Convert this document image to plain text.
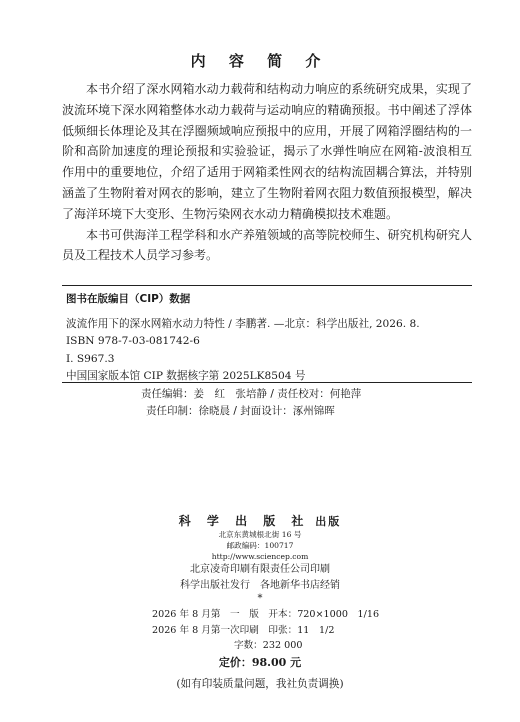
内 容 简 介

本书介绍了深水网箱水动力载荷和结构动力响应的系统研究成果，实现了波流环境下深水网箱整体水动力载荷与运动响应的精确预报。书中阐述了浮体低频细长体理论及其在浮圈频域响应预报中的应用，开展了网箱浮圈结构的一阶和高阶加速度的理论预报和实验验证，揭示了水弹性响应在网箱-波浪相互作用中的重要地位，介绍了适用于网箱柔性网衣的结构流固耦合算法，并特别涵盖了生物附着对网衣的影响，建立了生物附着网衣阻力数值预报模型，解决了海洋环境下大变形、生物污染网衣水动力精确模拟技术难题。

本书可供海洋工程学科和水产养殖领域的高等院校师生、研究机构研究人员及工程技术人员学习参考。

图书在版编目（CIP）数据
波流作用下的深水网箱水动力特性 / 李鹏著. —北京：科学出版社, 2026. 8.
ISBN 978-7-03-081742-6
Ⅰ. S967.3
中国国家版本馆 CIP 数据核字第 2025LK8504 号
责任编辑：姜　红　张培静 / 责任校对：何艳萍
责任印制：徐晓晨 / 封面设计：涿州锦晖
科 学 出 版 社 出版
北京东黄城根北街 16 号
邮政编码：100717
http://www.sciencep.com
北京凌奇印刷有限责任公司印刷
科学出版社发行　各地新华书店经销
*
2026 年 8 月第　一　版　开本：720×1000　1/16
2026 年 8 月第一次印刷　印张：11　1/2
字数：232 000
定价：98.00 元
(如有印装质量问题，我社负责调换)
